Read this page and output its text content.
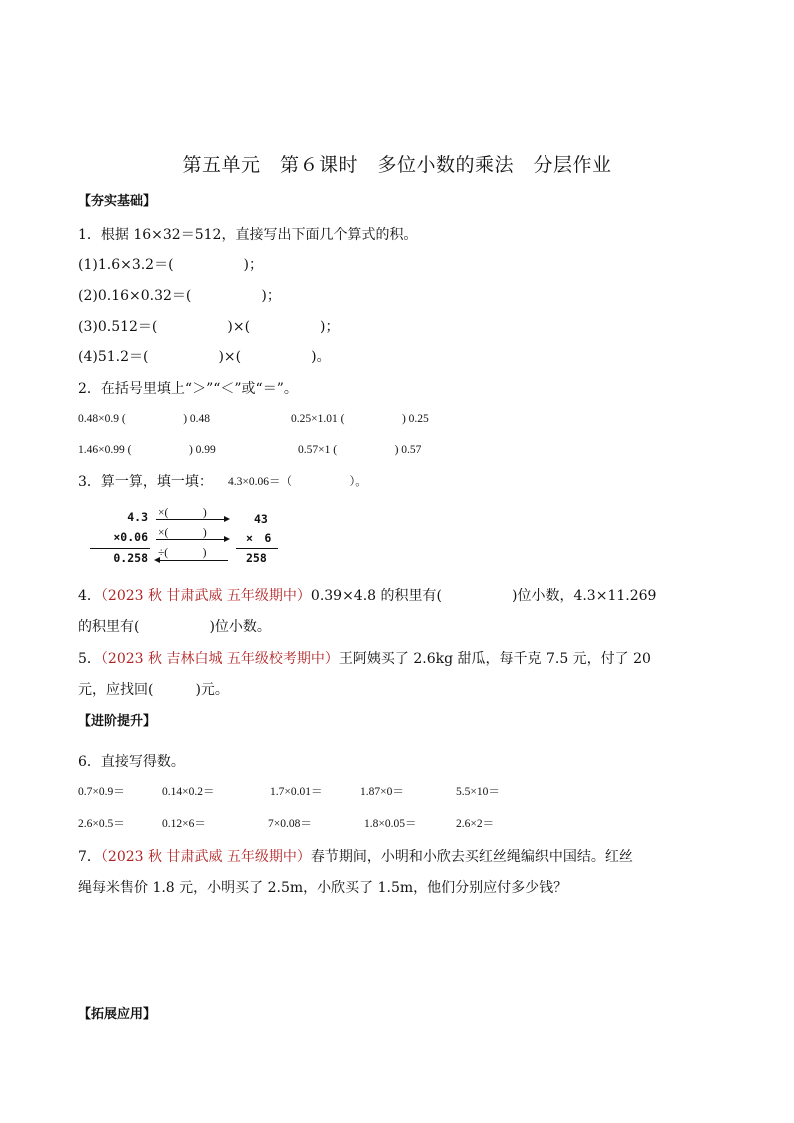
第五单元　第６课时　多位小数的乘法　分层作业
【夯实基础】
1．根据 16×32＝512，直接写出下面几个算式的积。
(1)1.6×3.2＝(　　　　　)；
(2)0.16×0.32＝(　　　　　)；
(3)0.512＝(　　　　　)×(　　　　　)；
(4)51.2＝(　　　　　)×(　　　　　)。
2．在括号里填上“＞”“＜”或“＝”。
0.48×0.9 (　　　　　) 0.48	0.25×1.01 (　　　　　) 0.25
1.46×0.99 (　　　　　) 0.99	0.57×1 (　　　　　) 0.57
3．算一算，填一填： 4.3×0.06＝（　　　　　）。
4.3
×0.06
0.258
×(　　　)
×(　　　)
÷(　　　)
43
×　6
258
4．（2023 秋 甘肃武威 五年级期中）0.39×4.8 的积里有(　　　　　)位小数，4.3×11.269
的积里有(　　　　　)位小数。
5．（2023 秋 吉林白城 五年级校考期中）王阿姨买了 2.6kg 甜瓜，每千克 7.5 元，付了 20
元，应找回(　　　)元。
【进阶提升】
6．直接写得数。
0.7×0.9＝	0.14×0.2＝	1.7×0.01＝	1.87×0＝	5.5×10＝
2.6×0.5＝	0.12×6＝	7×0.08＝	1.8×0.05＝	2.6×2＝
7．（2023 秋 甘肃武威 五年级期中）春节期间，小明和小欣去买红丝绳编织中国结。红丝
绳每米售价 1.8 元，小明买了 2.5m，小欣买了 1.5m，他们分别应付多少钱？
【拓展应用】
